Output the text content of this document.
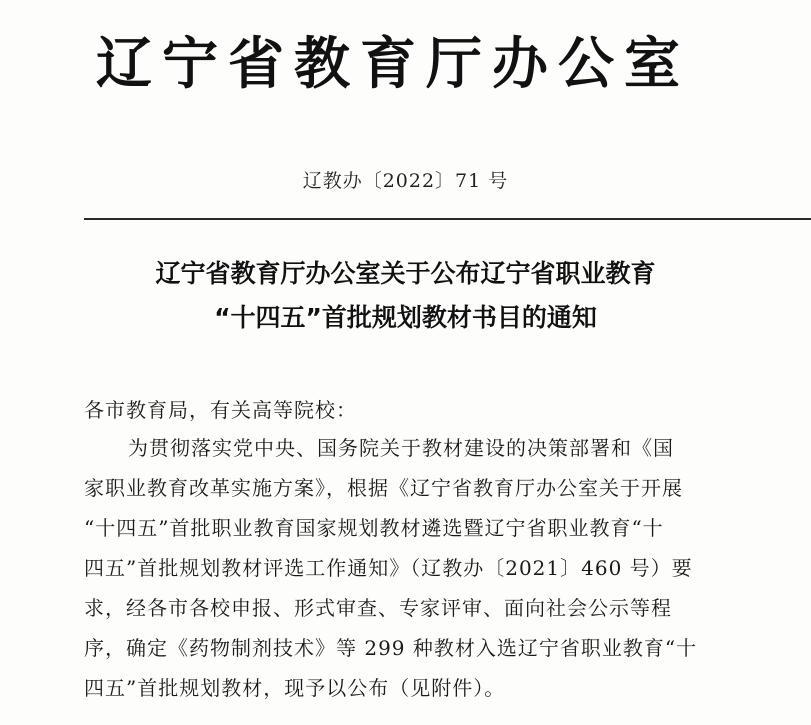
辽宁省教育厅办公室
辽教办〔2022〕71 号
辽宁省教育厅办公室关于公布辽宁省职业教育
“十四五”首批规划教材书目的通知
各市教育局，有关高等院校：
为贯彻落实党中央、国务院关于教材建设的决策部署和《国
家职业教育改革实施方案》，根据《辽宁省教育厅办公室关于开展
“十四五”首批职业教育国家规划教材遴选暨辽宁省职业教育“十
四五”首批规划教材评选工作通知》（辽教办〔2021〕460 号）要
求，经各市各校申报、形式审查、专家评审、面向社会公示等程
序，确定《药物制剂技术》等 299 种教材入选辽宁省职业教育“十
四五”首批规划教材，现予以公布（见附件）。
